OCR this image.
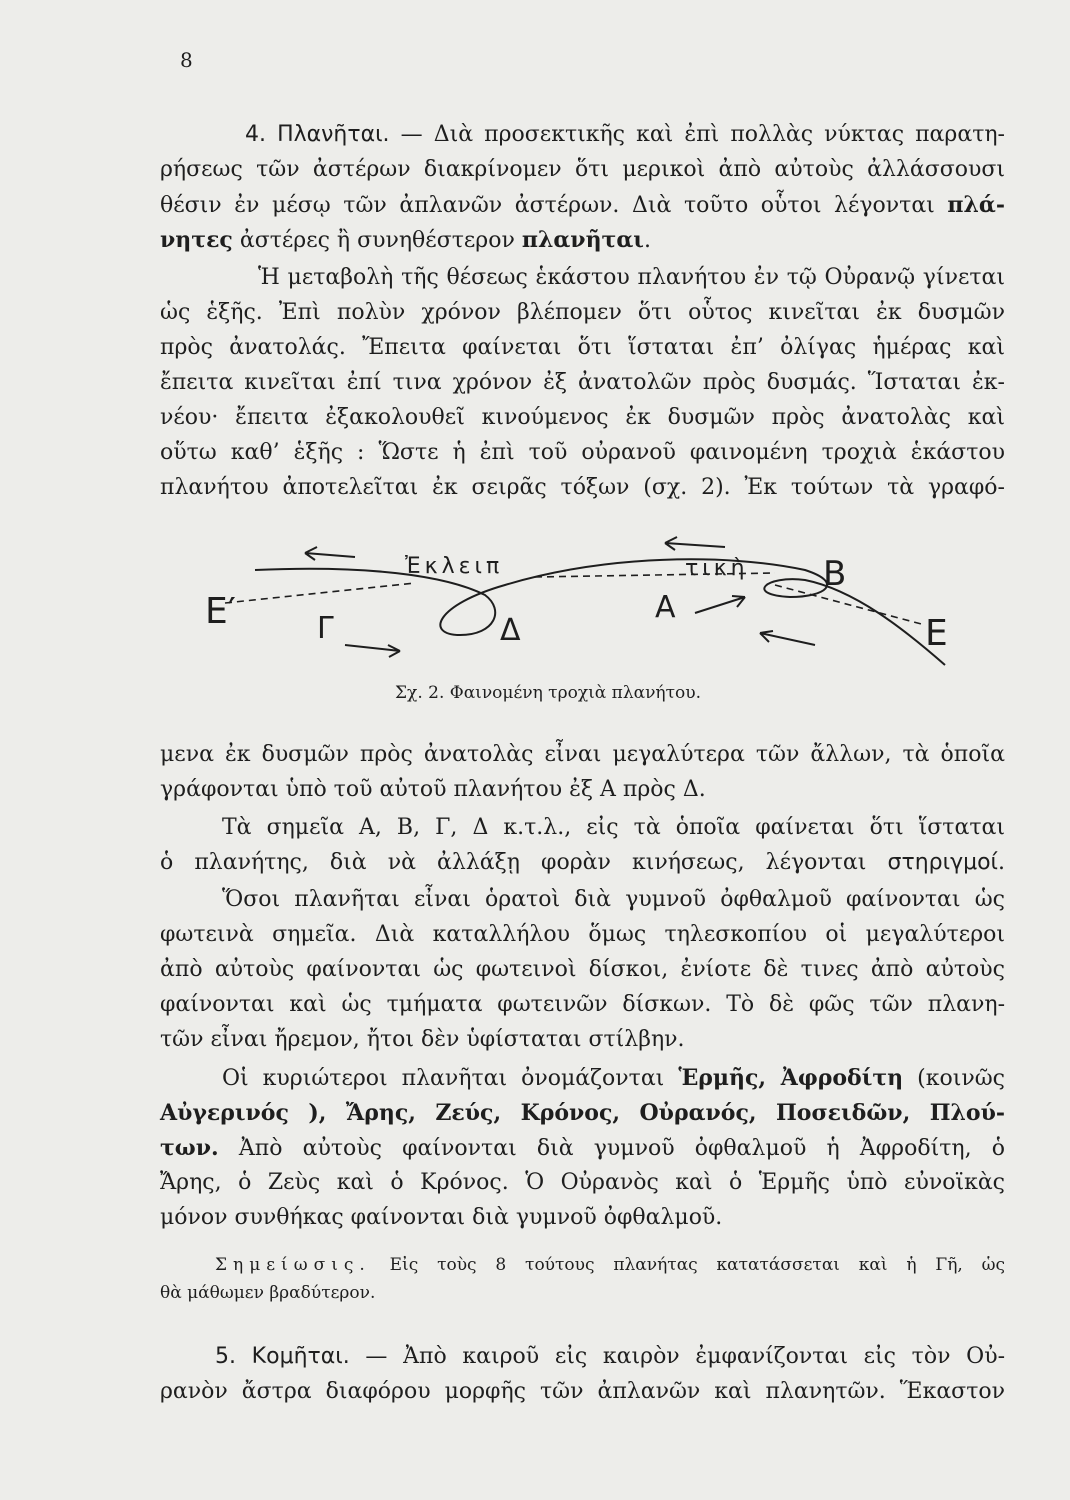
8
4. Πλανῆται. — Διὰ προσεκτικῆς καὶ ἐπὶ πολλὰς νύκτας παρατη-
ρήσεως τῶν ἀστέρων διακρίνομεν ὅτι μερικοὶ ἀπὸ αὐτοὺς ἀλλάσσουσι
θέσιν ἐν μέσῳ τῶν ἀπλανῶν ἀστέρων. Διὰ τοῦτο οὗτοι λέγονται πλά-
νητες ἀστέρες ἢ συνηθέστερον πλανῆται.
Ἡ μεταβολὴ τῆς θέσεως ἑκάστου πλανήτου ἐν τῷ Οὐρανῷ γίνεται
ὡς ἑξῆς. Ἐπὶ πολὺν χρόνον βλέπομεν ὅτι οὗτος κινεῖται ἐκ δυσμῶν
πρὸς ἀνατολάς. Ἔπειτα φαίνεται ὅτι ἵσταται ἐπ’ ὀλίγας ἡμέρας καὶ
ἔπειτα κινεῖται ἐπί τινα χρόνον ἐξ ἀνατολῶν πρὸς δυσμάς. Ἵσταται ἐκ-
νέου· ἔπειτα ἐξακολουθεῖ κινούμενος ἐκ δυσμῶν πρὸς ἀνατολὰς καὶ
οὕτω καθ’ ἑξῆς : Ὥστε ἡ ἐπὶ τοῦ οὐρανοῦ φαινομένη τροχιὰ ἑκάστου
πλανήτου ἀποτελεῖται ἐκ σειρᾶς τόξων (σχ. 2). Ἐκ τούτων τὰ γραφό-
Ἐκλειπ	τικὴ
Ε′	Γ	Δ
Α
Β
Ε
Σχ. 2. Φαινομένη τροχιὰ πλανήτου.
μενα ἐκ δυσμῶν πρὸς ἀνατολὰς εἶναι μεγαλύτερα τῶν ἄλλων, τὰ ὁποῖα
γράφονται ὑπὸ τοῦ αὐτοῦ πλανήτου ἐξ Α πρὸς Δ.
Τὰ σημεῖα Α, Β, Γ, Δ κ.τ.λ., εἰς τὰ ὁποῖα φαίνεται ὅτι ἵσταται
ὁ πλανήτης, διὰ νὰ ἀλλάξῃ φορὰν κινήσεως, λέγονται στηριγμοί.
Ὅσοι πλανῆται εἶναι ὁρατοὶ διὰ γυμνοῦ ὀφθαλμοῦ φαίνονται ὡς
φωτεινὰ σημεῖα. Διὰ καταλλήλου ὅμως τηλεσκοπίου οἱ μεγαλύτεροι
ἀπὸ αὐτοὺς φαίνονται ὡς φωτεινοὶ δίσκοι, ἐνίοτε δὲ τινες ἀπὸ αὐτοὺς
φαίνονται καὶ ὡς τμήματα φωτεινῶν δίσκων. Τὸ δὲ φῶς τῶν πλανη-
τῶν εἶναι ἤρεμον, ἤτοι δὲν ὑφίσταται στίλβην.
Οἱ κυριώτεροι πλανῆται ὀνομάζονται Ἑρμῆς, Ἀφροδίτη (κοινῶς
Αὐγερινός ), Ἄρης, Ζεύς, Κρόνος, Οὐρανός, Ποσειδῶν, Πλού-
των. Ἀπὸ αὐτοὺς φαίνονται διὰ γυμνοῦ ὀφθαλμοῦ ἡ Ἀφροδίτη, ὁ
Ἄρης, ὁ Ζεὺς καὶ ὁ Κρόνος. Ὁ Οὐρανὸς καὶ ὁ Ἑρμῆς ὑπὸ εὐνοϊκὰς
μόνον συνθήκας φαίνονται διὰ γυμνοῦ ὀφθαλμοῦ.
Σημείωσις. Εἰς τοὺς 8 τούτους πλανήτας κατατάσσεται καὶ ἡ Γῆ, ὡς
θὰ μάθωμεν βραδύτερον.
5. Κομῆται. — Ἀπὸ καιροῦ εἰς καιρὸν ἐμφανίζονται εἰς τὸν Οὐ-
ρανὸν ἄστρα διαφόρου μορφῆς τῶν ἀπλανῶν καὶ πλανητῶν. Ἕκαστον
